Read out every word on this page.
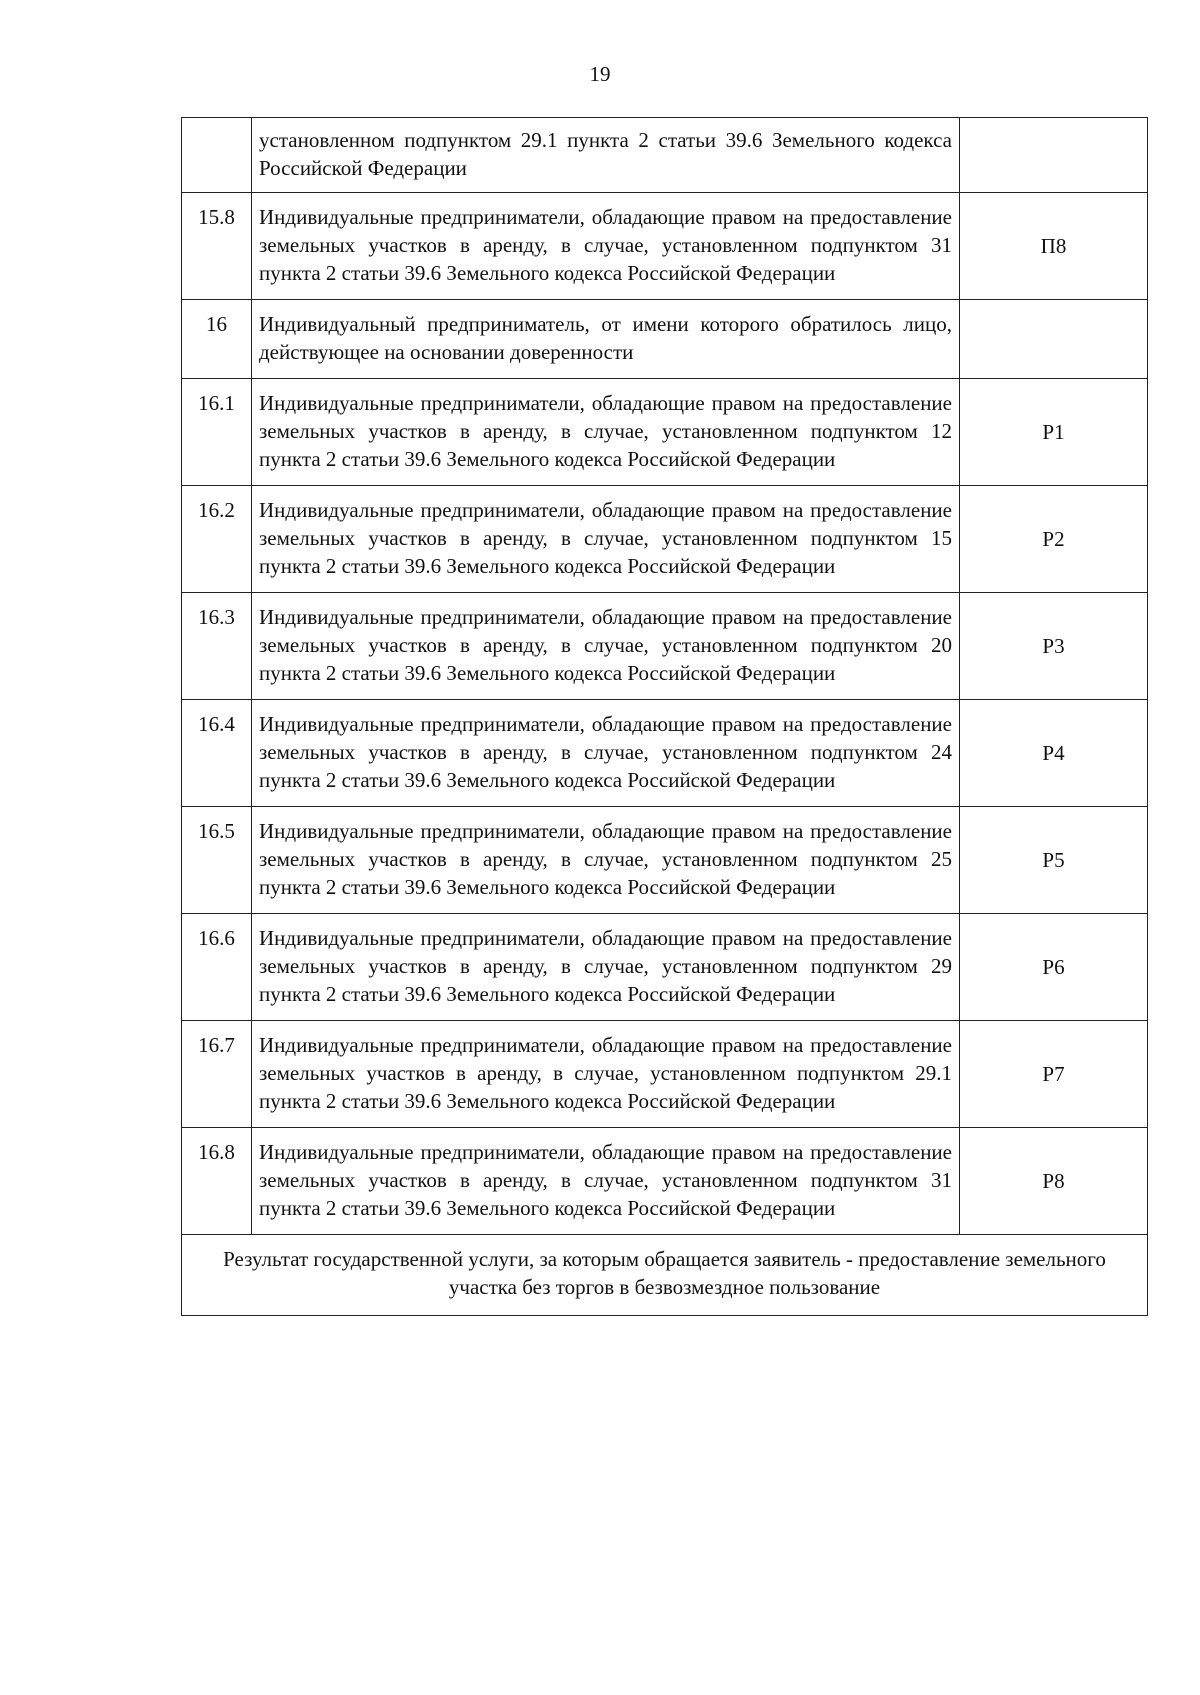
19
	установленном подпунктом 29.1 пункта 2 статьи 39.6 Земельного кодекса Российской Федерации	
15.8	Индивидуальные предприниматели, обладающие правом на предоставление земельных участков в аренду, в случае, установленном подпунктом 31 пункта 2 статьи 39.6 Земельного кодекса Российской Федерации	П8
16	Индивидуальный предприниматель, от имени которого обратилось лицо, действующее на основании доверенности	
16.1	Индивидуальные предприниматели, обладающие правом на предоставление земельных участков в аренду, в случае, установленном подпунктом 12 пункта 2 статьи 39.6 Земельного кодекса Российской Федерации	Р1
16.2	Индивидуальные предприниматели, обладающие правом на предоставление земельных участков в аренду, в случае, установленном подпунктом 15 пункта 2 статьи 39.6 Земельного кодекса Российской Федерации	Р2
16.3	Индивидуальные предприниматели, обладающие правом на предоставление земельных участков в аренду, в случае, установленном подпунктом 20 пункта 2 статьи 39.6 Земельного кодекса Российской Федерации	Р3
16.4	Индивидуальные предприниматели, обладающие правом на предоставление земельных участков в аренду, в случае, установленном подпунктом 24 пункта 2 статьи 39.6 Земельного кодекса Российской Федерации	Р4
16.5	Индивидуальные предприниматели, обладающие правом на предоставление земельных участков в аренду, в случае, установленном подпунктом 25 пункта 2 статьи 39.6 Земельного кодекса Российской Федерации	Р5
16.6	Индивидуальные предприниматели, обладающие правом на предоставление земельных участков в аренду, в случае, установленном подпунктом 29 пункта 2 статьи 39.6 Земельного кодекса Российской Федерации	Р6
16.7	Индивидуальные предприниматели, обладающие правом на предоставление земельных участков в аренду, в случае, установленном подпунктом 29.1 пункта 2 статьи 39.6 Земельного кодекса Российской Федерации	Р7
16.8	Индивидуальные предприниматели, обладающие правом на предоставление земельных участков в аренду, в случае, установленном подпунктом 31 пункта 2 статьи 39.6 Земельного кодекса Российской Федерации	Р8
Результат государственной услуги, за которым обращается заявитель - предоставление земельного участка без торгов в безвозмездное пользование		
